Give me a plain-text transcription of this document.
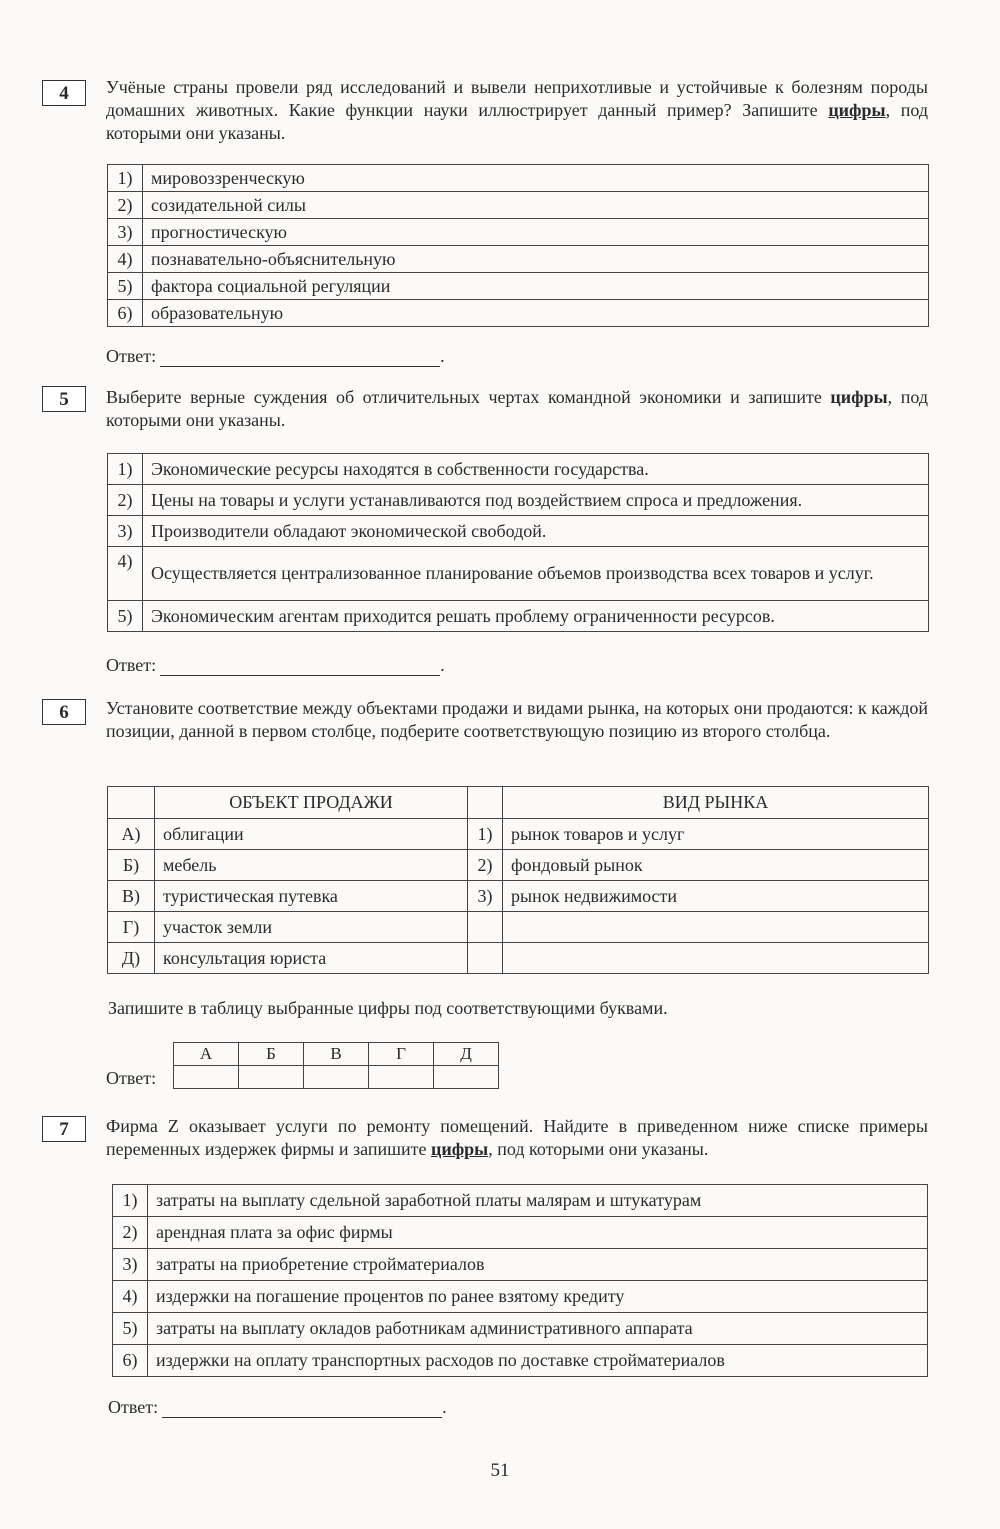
4	Учёные страны провели ряд исследований и вывели неприхотливые и устойчивые к болезням породы домашних животных. Какие функции науки иллюстрирует данный пример? Запишите цифры, под которыми они указаны.
1)	мировоззренческую
2)	созидательной силы
3)	прогностическую
4)	познавательно-объяснительную
5)	фактора социальной регуляции
6)	образовательную
Ответ:	.
5	Выберите верные суждения об отличительных чертах командной экономики и запишите цифры, под которыми они указаны.
1)	Экономические ресурсы находятся в собственности государства.
2)	Цены на товары и услуги устанавливаются под воздействием спроса и предложения.
3)	Производители обладают экономической свободой.
4)	Осуществляется централизованное планирование объемов производства всех товаров и услуг.
5)	Экономическим агентам приходится решать проблему ограниченности ресурсов.
Ответ:	.
6	Установите соответствие между объектами продажи и видами рынка, на которых они продаются: к каждой позиции, данной в первом столбце, подберите соответствующую позицию из второго столбца.
	ОБЪЕКТ ПРОДАЖИ		ВИД РЫНКА
А)	облигации	1)	рынок товаров и услуг
Б)	мебель	2)	фондовый рынок
В)	туристическая путевка	3)	рынок недвижимости
Г)	участок земли		
Д)	консультация юриста		
Запишите в таблицу выбранные цифры под соответствующими буквами.
Ответ:
А	Б	В	Г	Д

7	Фирма Z оказывает услуги по ремонту помещений. Найдите в приведенном ниже списке примеры переменных издержек фирмы и запишите цифры, под которыми они указаны.
1)	затраты на выплату сдельной заработной платы малярам и штукатурам
2)	арендная плата за офис фирмы
3)	затраты на приобретение стройматериалов
4)	издержки на погашение процентов по ранее взятому кредиту
5)	затраты на выплату окладов работникам административного аппарата
6)	издержки на оплату транспортных расходов по доставке стройматериалов
Ответ:	.
51
